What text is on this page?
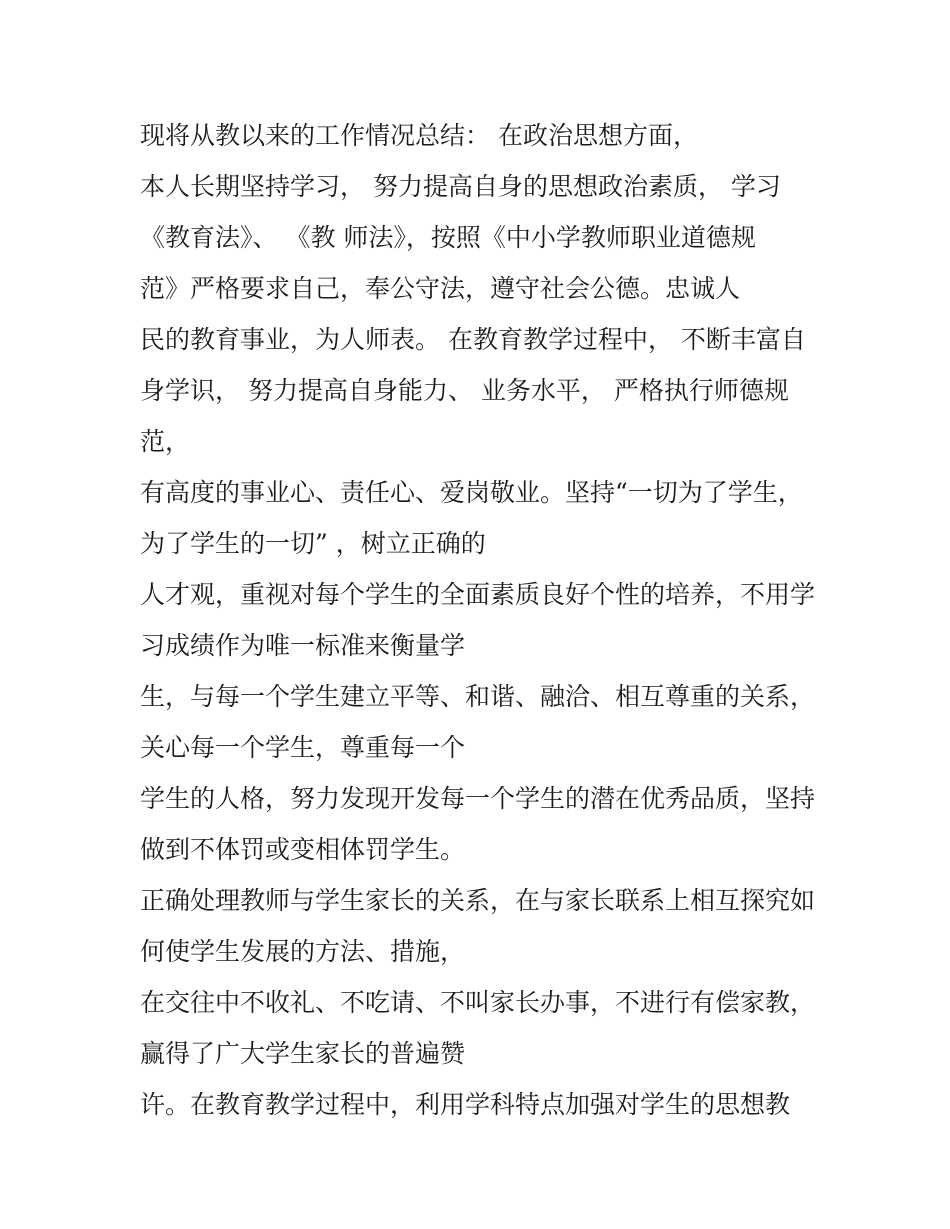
现将从教以来的工作情况总结： 在政治思想方面，

本人长期坚持学习， 努力提高自身的思想政治素质， 学习

《教育法》、 《教 师法》，按照《中小学教师职业道德规

范》严格要求自己，奉公守法，遵守社会公德。忠诚人

民的教育事业，为人师表。 在教育教学过程中， 不断丰富自

身学识， 努力提高自身能力、 业务水平， 严格执行师德规

范，

有高度的事业心、责任心、爱岗敬业。坚持“一切为了学生，

为了学生的一切” ，树立正确的

人才观，重视对每个学生的全面素质良好个性的培养，不用学

习成绩作为唯一标准来衡量学

生，与每一个学生建立平等、和谐、融洽、相互尊重的关系，

关心每一个学生，尊重每一个

学生的人格，努力发现开发每一个学生的潜在优秀品质，坚持

做到不体罚或变相体罚学生。

正确处理教师与学生家长的关系，在与家长联系上相互探究如

何使学生发展的方法、措施，

在交往中不收礼、不吃请、不叫家长办事，不进行有偿家教，

赢得了广大学生家长的普遍赞

许。在教育教学过程中，利用学科特点加强对学生的思想教
